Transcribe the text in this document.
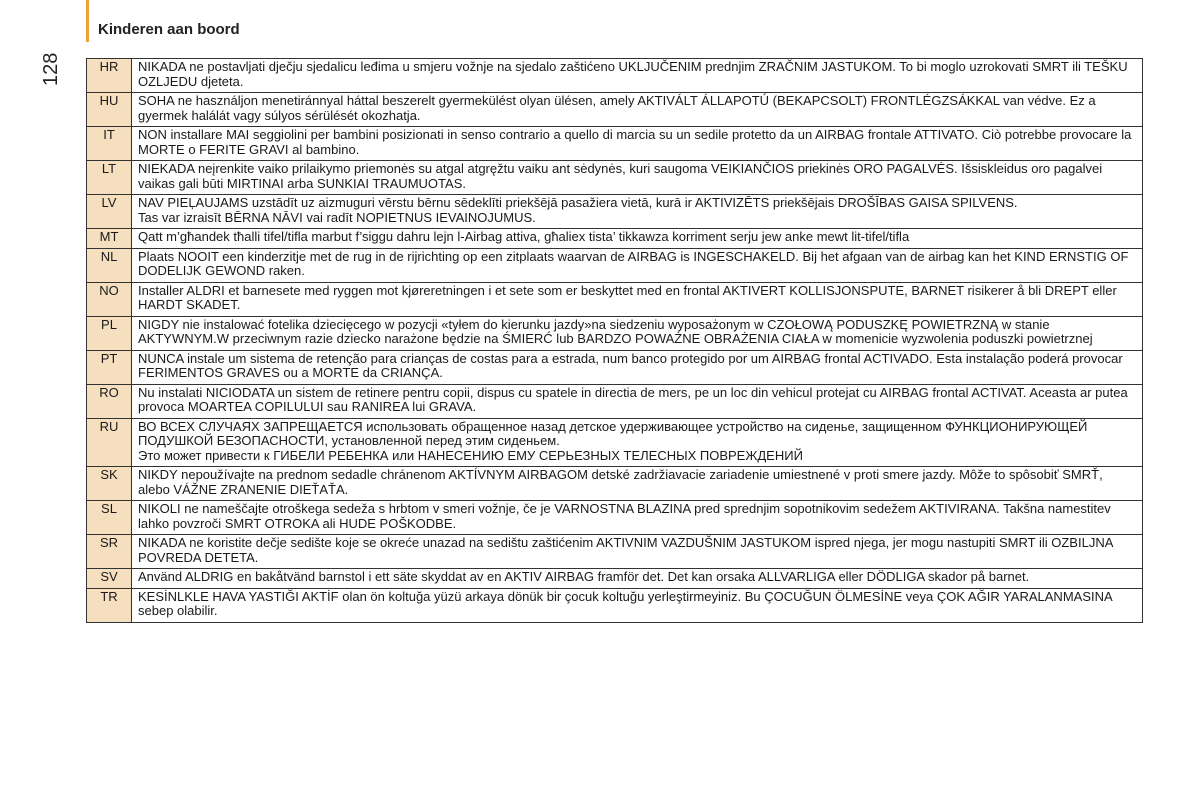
Kinderen aan boord
128	HR	NIKADA ne postavljati dječju sjedalicu leđima u smjeru vožnje na sjedalo zaštićeno UKLJUČENIM prednjim ZRAČNIM JASTUKOM. To bi moglo uzrokovati SMRT ili TEŠKU OZLJEDU djeteta.
HU	SOHA ne használjon menetiránnyal háttal beszerelt gyermekülést olyan ülésen, amely AKTIVÁLT ÁLLAPOTÚ (BEKAPCSOLT) FRONTLÉGZSÁKKAL van védve. Ez a gyermek halálát vagy súlyos sérülését okozhatja.
IT	NON installare MAI seggiolini per bambini posizionati in senso contrario a quello di marcia su un sedile protetto da un AIRBAG frontale ATTIVATO. Ciò potrebbe provocare la MORTE o FERITE GRAVI al bambino.
LT	NIEKADA neįrenkite vaiko prilaikymo priemonės su atgal atgręžtu vaiku ant sėdynės, kuri saugoma VEIKIANČIOS priekinės ORO PAGALVĖS. Išsiskleidus oro pagalvei vaikas gali būti MIRTINAI arba SUNKIAI TRAUMUOTAS.
LV	NAV PIEĻAUJAMS uzstādīt uz aizmuguri vērstu bērnu sēdeklīti priekšējā pasažiera vietā, kurā ir AKTIVIZĒTS priekšējais DROŠĪBAS GAISA SPILVENS.
Tas var izraisīt BĒRNA NĀVI vai radīt NOPIETNUS IEVAINOJUMUS.
MT	Qatt m’għandek tħalli tifel/tifla marbut f’siggu dahru lejn l-Airbag attiva, għaliex tista’ tikkawza korriment serju jew anke mewt lit-tifel/tifla
NL	Plaats NOOIT een kinderzitje met de rug in de rijrichting op een zitplaats waarvan de AIRBAG is INGESCHAKELD. Bij het afgaan van de airbag kan het KIND ERNSTIG OF DODELIJK GEWOND raken.
NO	Installer ALDRI et barnesete med ryggen mot kjøreretningen i et sete som er beskyttet med en frontal AKTIVERT KOLLISJONSPUTE, BARNET risikerer å bli DREPT eller HARDT SKADET.
PL	NIGDY nie instalować fotelika dziecięcego w pozycji «tyłem do kierunku jazdy»na siedzeniu wyposażonym w CZOŁOWĄ PODUSZKĘ POWIETRZNĄ w stanie AKTYWNYM.W przeciwnym razie dziecko narażone będzie na ŚMIERĆ lub BARDZO POWAŻNE OBRAŻENIA CIAŁA w momenicie wyzwolenia poduszki powietrznej
PT	NUNCA instale um sistema de retenção para crianças de costas para a estrada, num banco protegido por um AIRBAG frontal ACTIVADO. Esta instalação poderá provocar FERIMENTOS GRAVES ou a MORTE da CRIANÇA.
RO	Nu instalati NICIODATA un sistem de retinere pentru copii, dispus cu spatele in directia de mers, pe un loc din vehicul protejat cu AIRBAG frontal ACTIVAT. Aceasta ar putea provoca MOARTEA COPILULUI sau RANIREA lui GRAVA.
RU	ВО ВСЕХ СЛУЧАЯХ ЗАПРЕЩАЕТСЯ использовать обращенное назад детское удерживающее устройство на сиденье, защищенном ФУНКЦИОНИРУЮЩЕЙ ПОДУШКОЙ БЕЗОПАСНОСТИ, установленной перед этим сиденьем.
Это может привести к ГИБЕЛИ РЕБЕНКА или НАНЕСЕНИЮ ЕМУ СЕРЬЕЗНЫХ ТЕЛЕСНЫХ ПОВРЕЖДЕНИЙ
SK	NIKDY nepoužívajte na prednom sedadle chránenom AKTÍVNYM AIRBAGOM detské zadržiavacie zariadenie umiestnené v proti smere jazdy. Môže to spôsobiť SMRŤ, alebo VÁŽNE ZRANENIE DIEŤAŤA.
SL	NIKOLI ne nameščajte otroškega sedeža s hrbtom v smeri vožnje, če je VARNOSTNA BLAZINA pred sprednjim sopotnikovim sedežem AKTIVIRANA. Takšna namestitev lahko povzroči SMRT OTROKA ali HUDE POŠKODBE.
SR	NIKADA ne koristite dečje sedište koje se okreće unazad na sedištu zaštićenim AKTIVNIM VAZDUŠNIM JASTUKOM ispred njega, jer mogu nastupiti SMRT ili OZBILJNA POVREDA DETETA.
SV	Använd ALDRIG en bakåtvänd barnstol i ett säte skyddat av en AKTIV AIRBAG framför det. Det kan orsaka ALLVARLIGA eller DÖDLIGA skador på barnet.
TR	KESİNLKLE HAVA YASTIĞI AKTİF olan ön koltuğa yüzü arkaya dönük bir çocuk koltuğu yerleştirmeyiniz. Bu ÇOCUĞUN ÖLMESİNE veya ÇOK AĞIR YARALANMASINA sebep olabilir.
